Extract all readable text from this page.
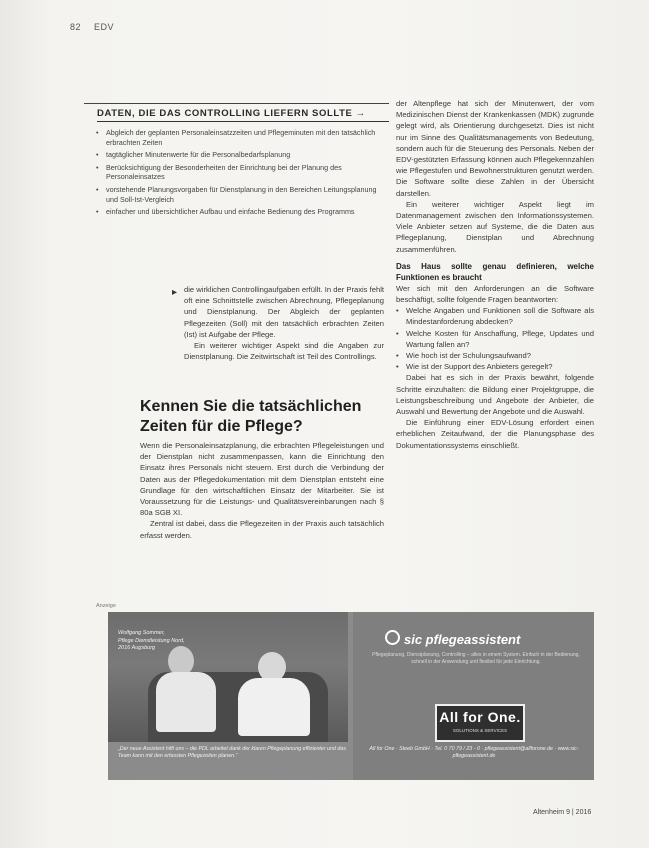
82 EDV
DATEN, DIE DAS CONTROLLING LIEFERN SOLLTE →
• Abgleich der geplanten Personaleinsatzzeiten und Pflegeminuten mit den tatsächlich erbrachten Zeiten
• tagtäglicher Minutenwerte für die Personalbedarfsplanung
• Berücksichtigung der Besonderheiten der Einrichtung bei der Planung des Personaleinsatzes
• vorstehende Planungsvorgaben für Dienstplanung in den Bereichen Leitungsplanung und Soll-Ist-Vergleich
• einfacher und übersichtlicher Aufbau und einfache Bedienung des Programms
▸ die wirklichen Controllingaufgaben erfüllt. In der Praxis fehlt oft eine Schnittstelle zwischen Abrechnung, Pflegeplanung und Dienstplanung. Der Abgleich der geplanten Pflegezeiten (Soll) mit den tatsächlich erbrachten Zeiten (Ist) ist Aufgabe der Pflege.

Ein weiterer wichtiger Aspekt sind die Angaben zur Dienstplanung. Die Zeitwirtschaft ist Teil des Controllings.

Kennen Sie die tatsächlichen Zeiten für die Pflege?

Wenn die Personaleinsatzplanung, die erbrachten Pflegeleistungen und der Dienstplan nicht zusammenpassen, kann die Einrichtung den Einsatz ihres Personals nicht steuern. Erst durch die Verbindung der Daten aus der Pflegedokumentation mit dem Dienstplan entsteht eine Grundlage für den wirtschaftlichen Einsatz der Mitarbeiter. Sie ist Voraussetzung für die Leistungs- und Qualitätsvereinbarungen nach § 80a SGB XI.

Zentral ist dabei, dass die Pflegezeiten in der Praxis auch tatsächlich erfasst werden.

der Altenpflege hat sich der Minutenwert, der vom Medizinischen Dienst der Krankenkassen (MDK) zugrunde gelegt wird, als Orientierung durchgesetzt. Dies ist nicht nur im Sinne des Qualitätsmanagements von Bedeutung, sondern auch für die Steuerung des Personals. Neben der EDV-gestützten Erfassung können auch Pflegekennzahlen wie Pflegestufen und Bewohnerstrukturen genutzt werden. Die Software sollte diese Zahlen in der Übersicht darstellen.

Ein weiterer wichtiger Aspekt liegt im Datenmanagement zwischen den Informationssystemen. Viele Anbieter setzen auf Systeme, die die Daten aus Pflegeplanung, Dienstplan und Abrechnung zusammenführen.

Das Haus sollte genau definieren, welche Funktionen es braucht

Wer sich mit den Anforderungen an die Software beschäftigt, sollte folgende Fragen beantworten:

• Welche Angaben und Funktionen soll die Software als Mindestanforderung abdecken?
• Welche Kosten für Anschaffung, Pflege, Updates und Wartung fallen an?
• Wie hoch ist der Schulungsaufwand?
• Wie ist der Support des Anbieters geregelt?

Dabei hat es sich in der Praxis bewährt, folgende Schritte einzuhalten: die Bildung einer Projektgruppe, die Leistungsbeschreibung und Angebote der Anbieter, die Auswahl und Bewertung der Angebote und die Auswahl.

Die Einführung einer EDV-Lösung erfordert einen erheblichen Zeitaufwand, der die Planungsphase des Dokumentationssystems einschließt.

Anzeige
Wolfgang Sommer,
Pflege Dienstleistung Nord,
2016 Augsburg
„Der neue Assistent hilft uns – die PDL arbeitet dank der klaren Pflegeplanung effizienter und das Team kann mit den erfassten Pflegezeiten planen.“
sic pflegeassistent
Pflegeplanung, Dienstplanung, Controlling – alles in einem System. Einfach in der Bedienung, schnell in der Anwendung und flexibel für jede Einrichtung.
All for One.
SOLUTIONS & SERVICES
All for One · Steeb GmbH · Tel. 0 70 79 / 23 - 0 · pflegeassistent@allforone.de · www.sic-pflegeassistent.de
Altenheim 9 | 2016
